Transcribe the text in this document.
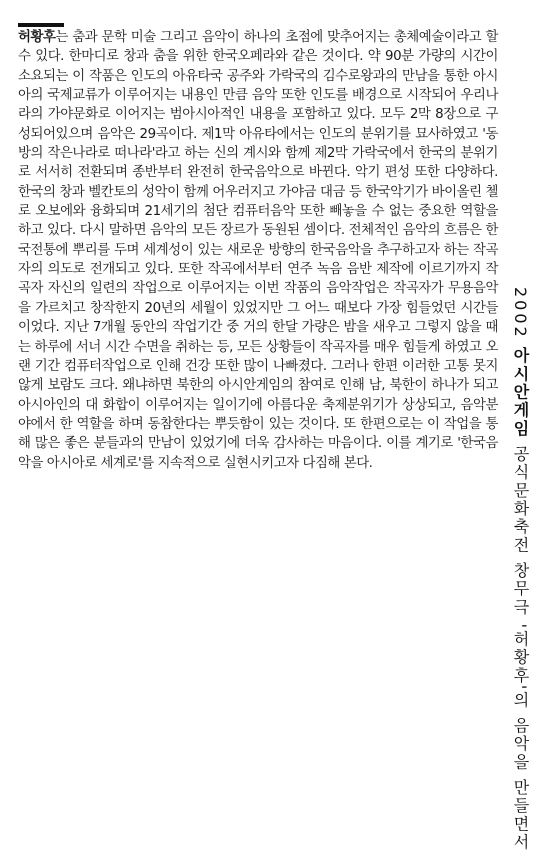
허황후는 춤과 문학 미술 그리고 음악이 하나의 초점에 맞추어지는 총체예술이라고 할 수 있다. 한마디로 창과 춤을 위한 한국오페라와 같은 것이다. 약 90분 가량의 시간이 소요되는 이 작품은 인도의 아유타국 공주와 가락국의 김수로왕과의 만남을 통한 아시아의 국제교류가 이루어지는 내용인 만큼 음악 또한 인도를 배경으로 시작되어 우리나라의 가야문화로 이어지는 범아시아적인 내용을 포함하고 있다. 모두 2막 8장으로 구성되어있으며 음악은 29곡이다. 제1막 아유타에서는 인도의 분위기를 묘사하였고 '동방의 작은나라로 떠나라'라고 하는 신의 계시와 함께 제2막 가락국에서 한국의 분위기로 서서히 전환되며 종반부터 완전히 한국음악으로 바뀐다. 악기 편성 또한 다양하다. 한국의 창과 벨칸토의 성악이 함께 어우러지고 가야금 대금 등 한국악기가 바이올린 첼로 오보에와 융화되며 21세기의 첨단 컴퓨터음악 또한 빼놓을 수 없는 중요한 역할을 하고 있다. 다시 말하면 음악의 모든 장르가 동원된 셈이다. 전체적인 음악의 흐름은 한국전통에 뿌리를 두며 세계성이 있는 새로운 방향의 한국음악을 추구하고자 하는 작곡자의 의도로 전개되고 있다. 또한 작곡에서부터 연주 녹음 음반 제작에 이르기까지 작곡자 자신의 일련의 작업으로 이루어지는 이번 작품의 음악작업은 작곡자가 무용음악을 가르치고 창작한지 20년의 세월이 있었지만 그 어느 때보다 가장 힘들었던 시간들이었다. 지난 7개월 동안의 작업기간 중 거의 한달 가량은 밤을 새우고 그렇지 않을 때는 하루에 서너 시간 수면을 취하는 등, 모든 상황들이 작곡자를 매우 힘들게 하였고 오랜 기간 컴퓨터작업으로 인해 건강 또한 많이 나빠졌다. 그러나 한편 이러한 고통 못지 않게 보람도 크다. 왜냐하면 북한의 아시안게임의 참여로 인해 남, 북한이 하나가 되고 아시아인의 대 화합이 이루어지는 일이기에 아름다운 축제분위기가 상상되고, 음악분야에서 한 역할을 하며 동참한다는 뿌듯함이 있는 것이다. 또 한편으로는 이 작업을 통해 많은 좋은 분들과의 만남이 있었기에 더욱 감사하는 마음이다. 이를 계기로 '한국음악을 아시아로 세계로'를 지속적으로 실현시키고자 다짐해 본다.
2002 아시안게임 공식문화축전 창무극 '허황후'의 음악을 만들면서
